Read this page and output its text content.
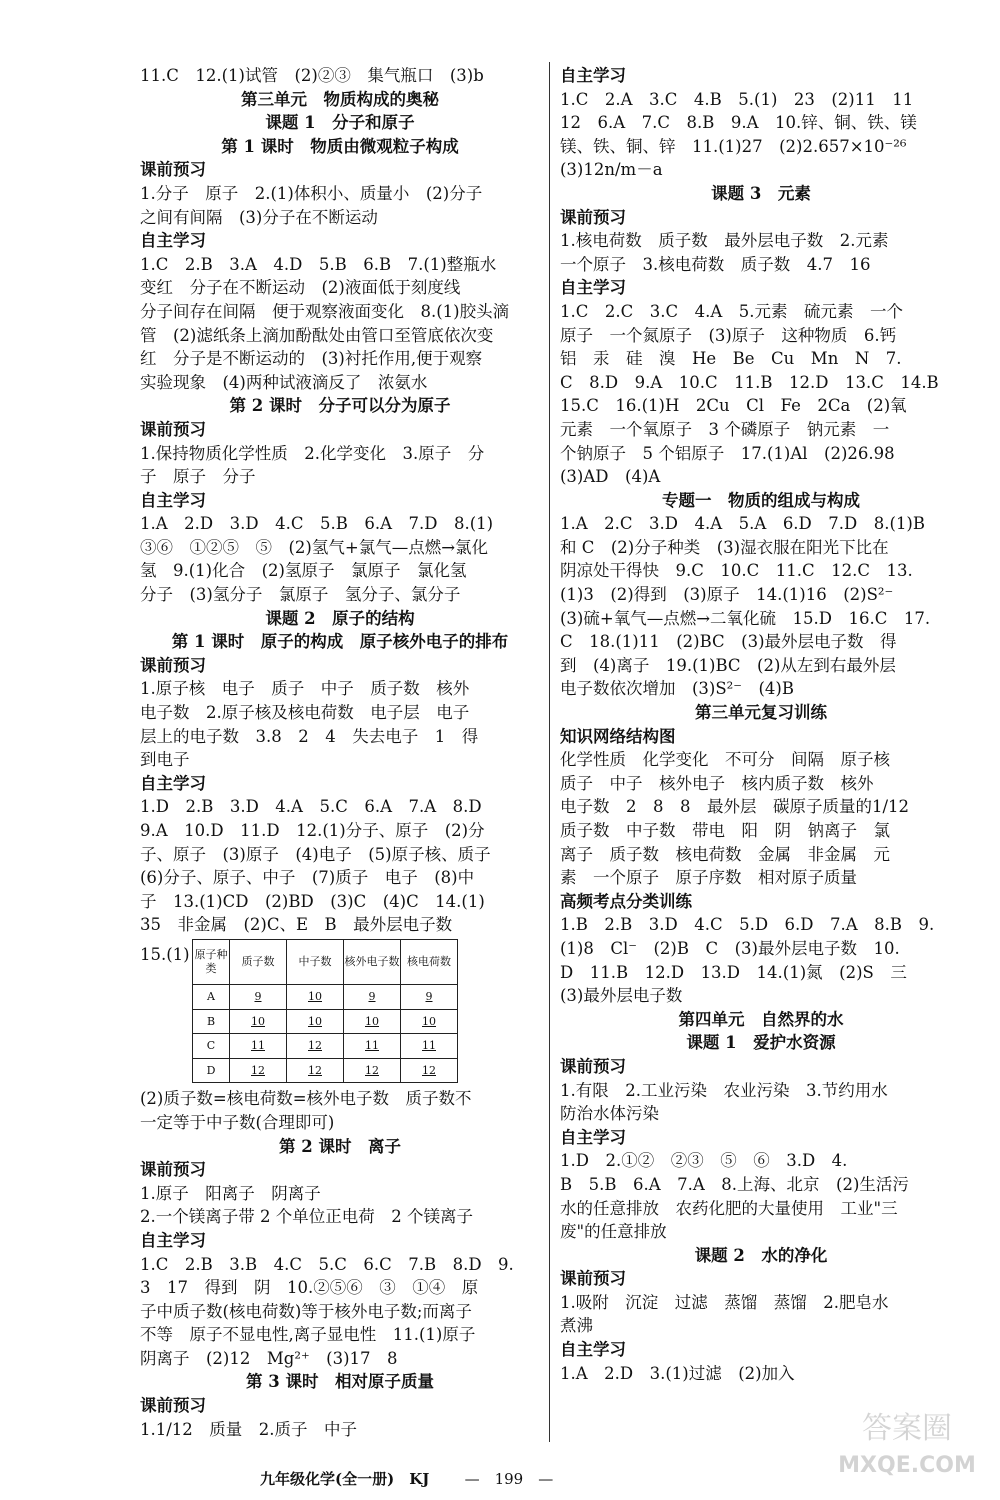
11.C　12.(1)试管　(2)②③　集气瓶口　(3)b
第三单元　物质构成的奥秘
课题 1　分子和原子
第 1 课时　物质由微观粒子构成
课前预习
1.分子　原子　2.(1)体积小、质量小　(2)分子
之间有间隔　(3)分子在不断运动
自主学习
1.C　2.B　3.A　4.D　5.B　6.B　7.(1)整瓶水
变红　分子在不断运动　(2)液面低于刻度线
分子间存在间隔　便于观察液面变化　8.(1)胶头滴
管　(2)滤纸条上滴加酚酞处由管口至管底依次变
红　分子是不断运动的　(3)衬托作用,便于观察
实验现象　(4)两种试液滴反了　浓氨水
第 2 课时　分子可以分为原子
课前预习
1.保持物质化学性质　2.化学变化　3.原子　分
子　原子　分子
自主学习
1.A　2.D　3.D　4.C　5.B　6.A　7.D　8.(1)
③⑥　①②⑤　⑤　(2)氢气+氯气—点燃→氯化
氢　9.(1)化合　(2)氢原子　氯原子　氯化氢
分子　(3)氢分子　氯原子　氢分子、氯分子
课题 2　原子的结构
第 1 课时　原子的构成　原子核外电子的排布
课前预习
1.原子核　电子　质子　中子　质子数　核外
电子数　2.原子核及核电荷数　电子层　电子
层上的电子数　3.8　2　4　失去电子　1　得
到电子
自主学习
1.D　2.B　3.D　4.A　5.C　6.A　7.A　8.D
9.A　10.D　11.D　12.(1)分子、原子　(2)分
子、原子　(3)原子　(4)电子　(5)原子核、质子
(6)分子、原子、中子　(7)质子　电子　(8)中
子　13.(1)CD　(2)BD　(3)C　(4)C　14.(1)
35　非金属　(2)C、E　B　最外层电子数
15.(1) 原子种类	质子数	中子数	核外电子数	核电荷数
A	9	10	9	9
B	10	10	10	10
C	11	12	11	11
D	12	12	12	12
(2)质子数=核电荷数=核外电子数　质子数不
一定等于中子数(合理即可)
第 2 课时　离子
课前预习
1.原子　阳离子　阴离子
2.一个镁离子带 2 个单位正电荷　2 个镁离子
自主学习
1.C　2.B　3.B　4.C　5.C　6.C　7.B　8.D　9.
3　17　得到　阴　10.②⑤⑥　③　①④　原
子中质子数(核电荷数)等于核外电子数;而离子
不等　原子不显电性,离子显电性　11.(1)原子
阴离子　(2)12　Mg²⁺　(3)17　8
第 3 课时　相对原子质量
课前预习
1.1/12　质量　2.质子　中子
自主学习
1.C　2.A　3.C　4.B　5.(1)　23　(2)11　11
12　6.A　7.C　8.B　9.A　10.锌、铜、铁、镁
镁、铁、铜、锌　11.(1)27　(2)2.657×10⁻²⁶
(3)12n/m－a
课题 3　元素
课前预习
1.核电荷数　质子数　最外层电子数　2.元素
一个原子　3.核电荷数　质子数　4.7　16
自主学习
1.C　2.C　3.C　4.A　5.元素　硫元素　一个
原子　一个氮原子　(3)原子　这种物质　6.钙
铝　汞　硅　溴　He　Be　Cu　Mn　N　7.
C　8.D　9.A　10.C　11.B　12.D　13.C　14.B
15.C　16.(1)H　2Cu　Cl　Fe　2Ca　(2)氧
元素　一个氧原子　3 个磷原子　钠元素　一
个钠原子　5 个铝原子　17.(1)Al　(2)26.98
(3)AD　(4)A
专题一　物质的组成与构成
1.A　2.C　3.D　4.A　5.A　6.D　7.D　8.(1)B
和 C　(2)分子种类　(3)湿衣服在阳光下比在
阴凉处干得快　9.C　10.C　11.C　12.C　13.
(1)3　(2)得到　(3)原子　14.(1)16　(2)S²⁻
(3)硫+氧气—点燃→二氧化硫　15.D　16.C　17.
C　18.(1)11　(2)BC　(3)最外层电子数　得
到　(4)离子　19.(1)BC　(2)从左到右最外层
电子数依次增加　(3)S²⁻　(4)B
第三单元复习训练
知识网络结构图
化学性质　化学变化　不可分　间隔　原子核
质子　中子　核外电子　核内质子数　核外
电子数　2　8　8　最外层　碳原子质量的1/12
质子数　中子数　带电　阳　阴　钠离子　氯
离子　质子数　核电荷数　金属　非金属　元
素　一个原子　原子序数　相对原子质量
高频考点分类训练
1.B　2.B　3.D　4.C　5.D　6.D　7.A　8.B　9.
(1)8　Cl⁻　(2)B　C　(3)最外层电子数　10.
D　11.B　12.D　13.D　14.(1)氮　(2)S　三
(3)最外层电子数
第四单元　自然界的水
课题 1　爱护水资源
课前预习
1.有限　2.工业污染　农业污染　3.节约用水
防治水体污染
自主学习
1.D　2.①②　②③　⑤　⑥　3.D　4.
B　5.B　6.A　7.A　8.上海、北京　(2)生活污
水的任意排放　农药化肥的大量使用　工业"三
废"的任意排放
课题 2　水的净化
课前预习
1.吸附　沉淀　过滤　蒸馏　蒸馏　2.肥皂水
煮沸
自主学习
1.A　2.D　3.(1)过滤　(2)加入
九年级化学(全一册)　KJ —　199　—
答案圈
MXQE.COM
